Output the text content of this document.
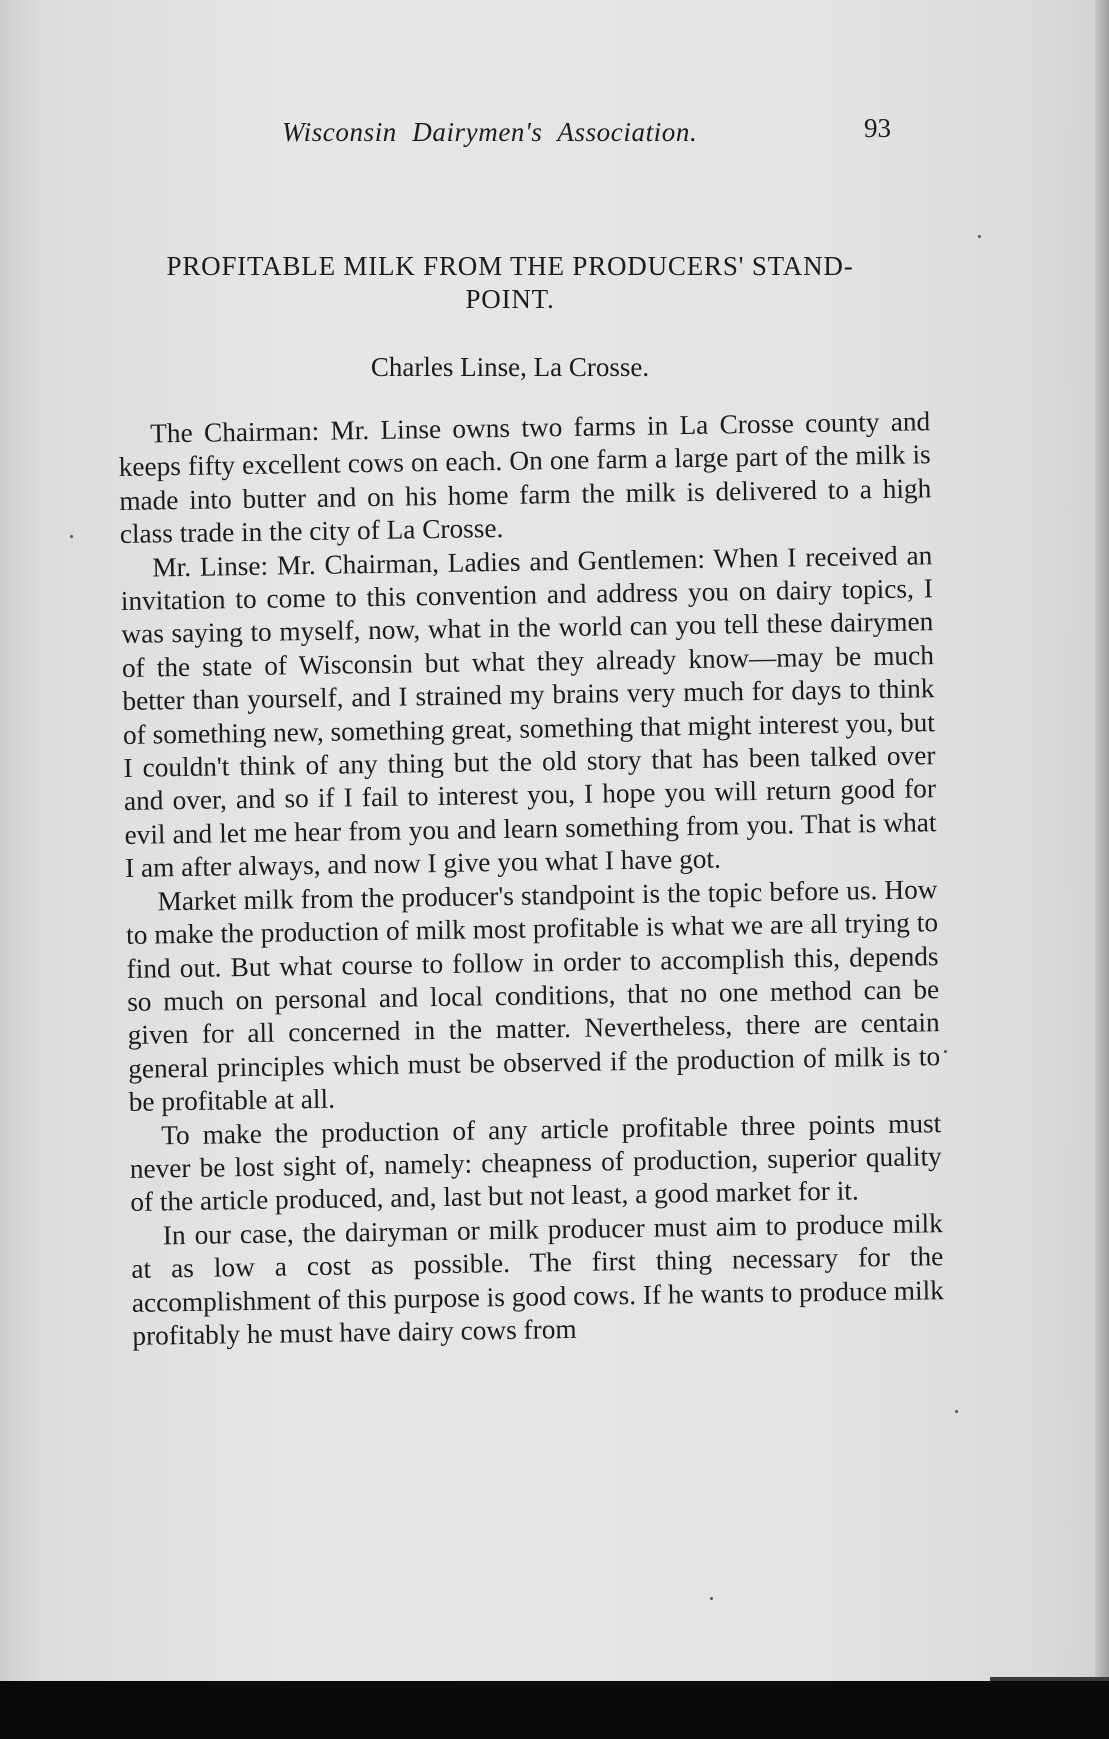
Wisconsin Dairymen's Association.	93
PROFITABLE MILK FROM THE PRODUCERS' STAND-
POINT.
Charles Linse, La Crosse.

The Chairman: Mr. Linse owns two farms in La Crosse county and keeps fifty excellent cows on each. On one farm a large part of the milk is made into butter and on his home farm the milk is delivered to a high class trade in the city of La Crosse.

Mr. Linse: Mr. Chairman, Ladies and Gentlemen: When I received an invitation to come to this convention and address you on dairy topics, I was saying to myself, now, what in the world can you tell these dairymen of the state of Wisconsin but what they already know—may be much better than yourself, and I strained my brains very much for days to think of something new, something great, something that might interest you, but I couldn't think of any thing but the old story that has been talked over and over, and so if I fail to interest you, I hope you will return good for evil and let me hear from you and learn something from you. That is what I am after always, and now I give you what I have got.

Market milk from the producer's standpoint is the topic before us. How to make the production of milk most profitable is what we are all trying to find out. But what course to follow in order to accomplish this, depends so much on personal and local conditions, that no one method can be given for all concerned in the matter. Nevertheless, there are centain general principles which must be observed if the production of milk is to be profitable at all.

To make the production of any article profitable three points must never be lost sight of, namely: cheapness of production, superior quality of the article produced, and, last but not least, a good market for it.

In our case, the dairyman or milk producer must aim to produce milk at as low a cost as possible. The first thing necessary for the accomplishment of this purpose is good cows. If he wants to produce milk profitably he must have dairy cows from
